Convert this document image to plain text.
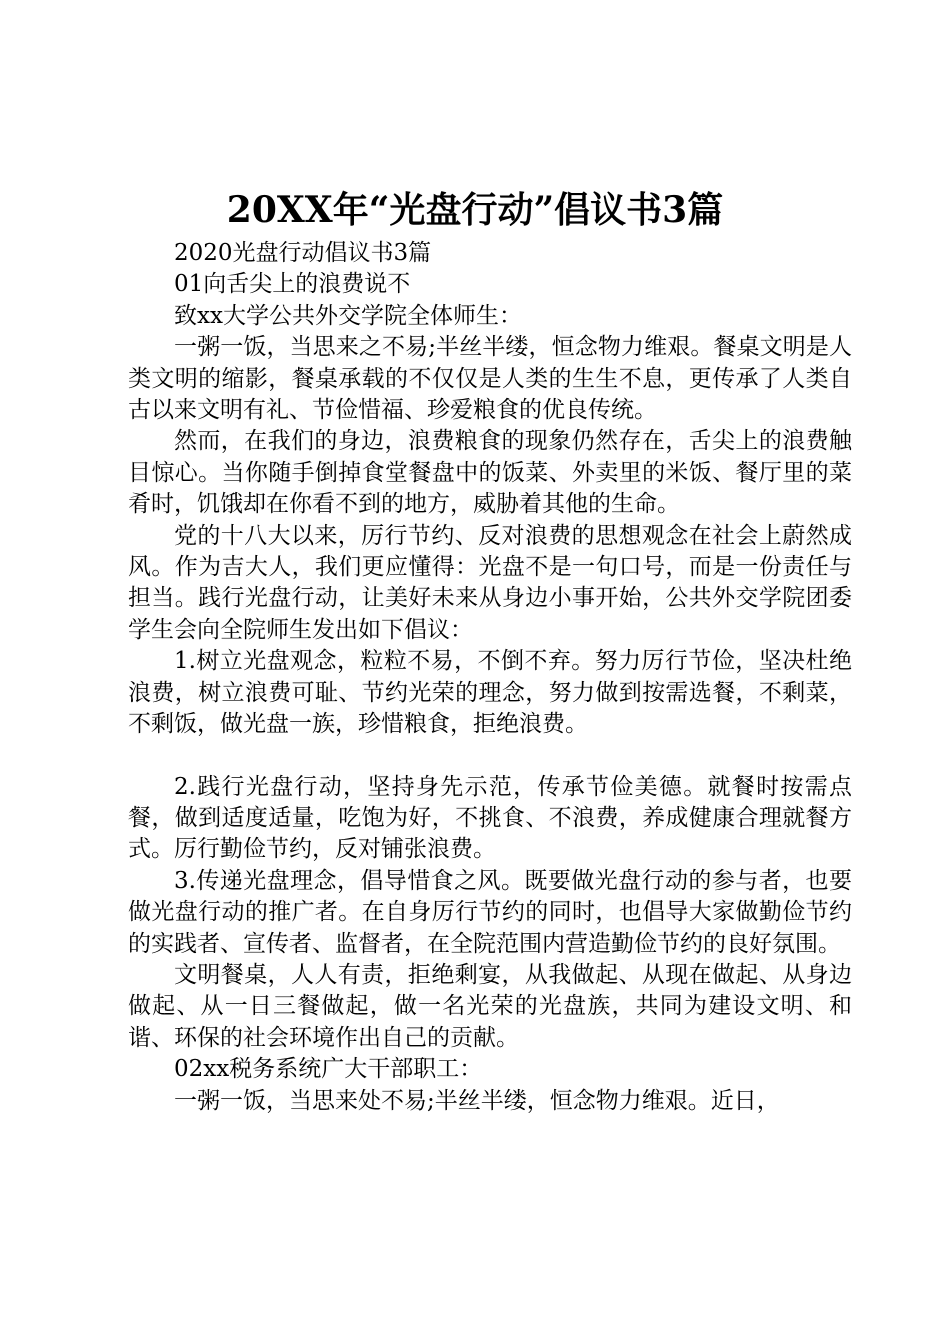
20XX年“光盘行动”倡议书3篇

2020光盘行动倡议书3篇

01向舌尖上的浪费说不

致xx大学公共外交学院全体师生：

一粥一饭，当思来之不易;半丝半缕，恒念物力维艰。餐桌文明是人类文明的缩影，餐桌承载的不仅仅是人类的生生不息，更传承了人类自古以来文明有礼、节俭惜福、珍爱粮食的优良传统。

然而，在我们的身边，浪费粮食的现象仍然存在，舌尖上的浪费触目惊心。当你随手倒掉食堂餐盘中的饭菜、外卖里的米饭、餐厅里的菜肴时，饥饿却在你看不到的地方，威胁着其他的生命。

党的十八大以来，厉行节约、反对浪费的思想观念在社会上蔚然成风。作为吉大人，我们更应懂得：光盘不是一句口号，而是一份责任与担当。践行光盘行动，让美好未来从身边小事开始，公共外交学院团委学生会向全院师生发出如下倡议：

1.树立光盘观念，粒粒不易，不倒不弃。努力厉行节俭，坚决杜绝浪费，树立浪费可耻、节约光荣的理念，努力做到按需选餐，不剩菜，不剩饭，做光盘一族，珍惜粮食，拒绝浪费。

2.践行光盘行动，坚持身先示范，传承节俭美德。就餐时按需点餐，做到适度适量，吃饱为好，不挑食、不浪费，养成健康合理就餐方式。厉行勤俭节约，反对铺张浪费。

3.传递光盘理念，倡导惜食之风。既要做光盘行动的参与者，也要做光盘行动的推广者。在自身厉行节约的同时，也倡导大家做勤俭节约的实践者、宣传者、监督者，在全院范围内营造勤俭节约的良好氛围。

文明餐桌，人人有责，拒绝剩宴，从我做起、从现在做起、从身边做起、从一日三餐做起，做一名光荣的光盘族，共同为建设文明、和谐、环保的社会环境作出自己的贡献。

02xx税务系统广大干部职工：

一粥一饭，当思来处不易;半丝半缕，恒念物力维艰。近日，
